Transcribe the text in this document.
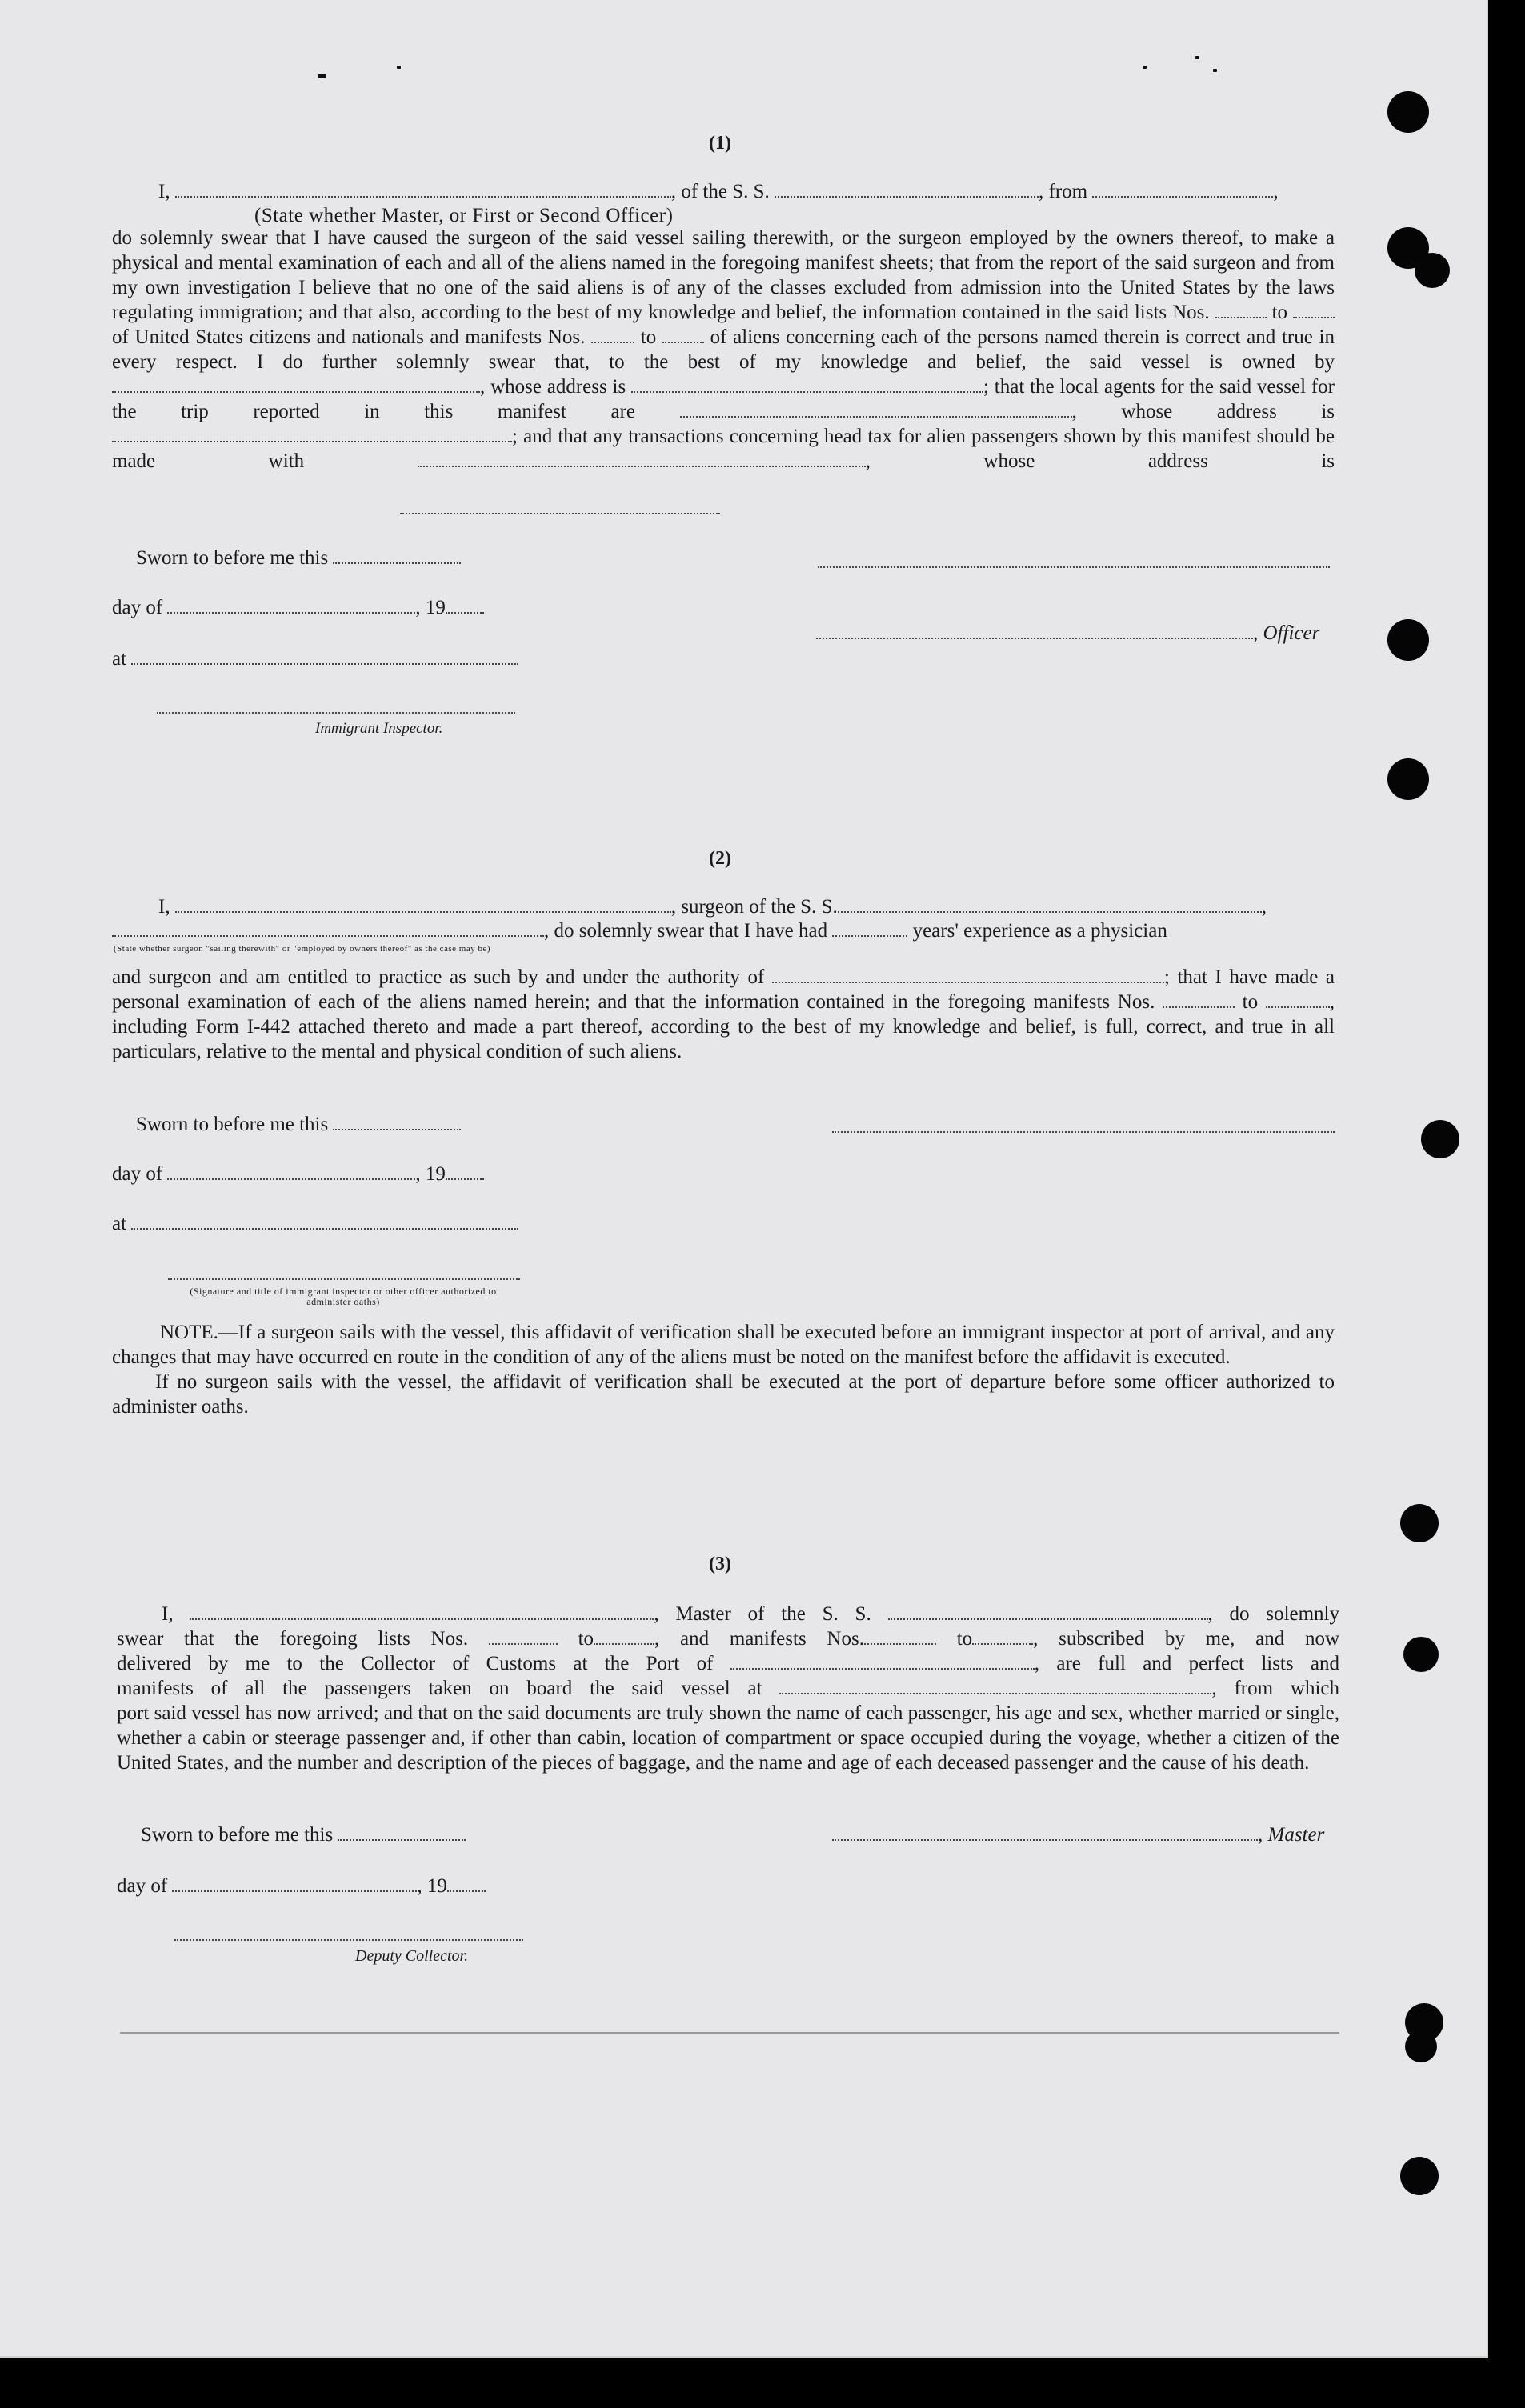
(1)
I,	, of the S. S.	, from	,
(State whether Master, or First or Second Officer)

do solemnly swear that I have caused the surgeon of the said vessel sailing therewith, or the surgeon employed by the owners thereof, to make a physical and mental examination of each and all of the aliens named in the foregoing manifest sheets; that from the report of the said surgeon and from my own investigation I believe that no one of the said aliens is of any of the classes excluded from admission into the United States by the laws regulating immigration; and that also, according to the best of my knowledge and belief, the information contained in the said lists Nos.	to  of United States citizens and nationals and manifests Nos.	to	of aliens concerning each of the persons named therein is correct and true in every respect. I do further solemnly swear that, to the best of my knowledge and belief, the said vessel is owned by , whose address is	; that the local agents for the said vessel for the trip reported in this manifest are	, whose address is ; and that any transactions concerning head tax for alien passengers shown by this manifest should be made with	, whose address is

Sworn to before me this
day of	, 19
, Officer
at
Immigrant Inspector.
(2)
I,	, surgeon of the S. S.	,
, do solemnly swear that I have had	years' experience as a physician
(State whether surgeon "sailing therewith" or "employed by owners thereof" as the case may be)

and surgeon and am entitled to practice as such by and under the authority of	; that I have made a personal examination of each of the aliens named herein; and that the information contained in the foregoing manifests Nos.	to	, including Form I-442 attached thereto and made a part thereof, according to the best of my knowledge and belief, is full, correct, and true in all particulars, relative to the mental and physical condition of such aliens.

Sworn to before me this
day of	, 19
at
(Signature and title of immigrant inspector or other officer authorized to administer oaths)

NOTE.—If a surgeon sails with the vessel, this affidavit of verification shall be executed before an immigrant inspector at port of arrival, and any changes that may have occurred en route in the condition of any of the aliens must be noted on the manifest before the affidavit is executed.

If no surgeon sails with the vessel, the affidavit of verification shall be executed at the port of departure before some officer authorized to administer oaths.

(3)

I,	, Master of the S. S.	, do solemnly

swear that the foregoing lists Nos.	to	, and manifests Nos.	to	, subscribed by me, and now

delivered by me to the Collector of Customs at the Port of	, are full and perfect lists and

manifests of all the passengers taken on board the said vessel at	, from which

port said vessel has now arrived; and that on the said documents are truly shown the name of each passenger, his age and sex, whether married or single, whether a cabin or steerage passenger and, if other than cabin, location of compartment or space occupied during the voyage, whether a citizen of the United States, and the number and description of the pieces of baggage, and the name and age of each deceased passenger and the cause of his death.

Sworn to before me this	, Master
day of	, 19
Deputy Collector.
